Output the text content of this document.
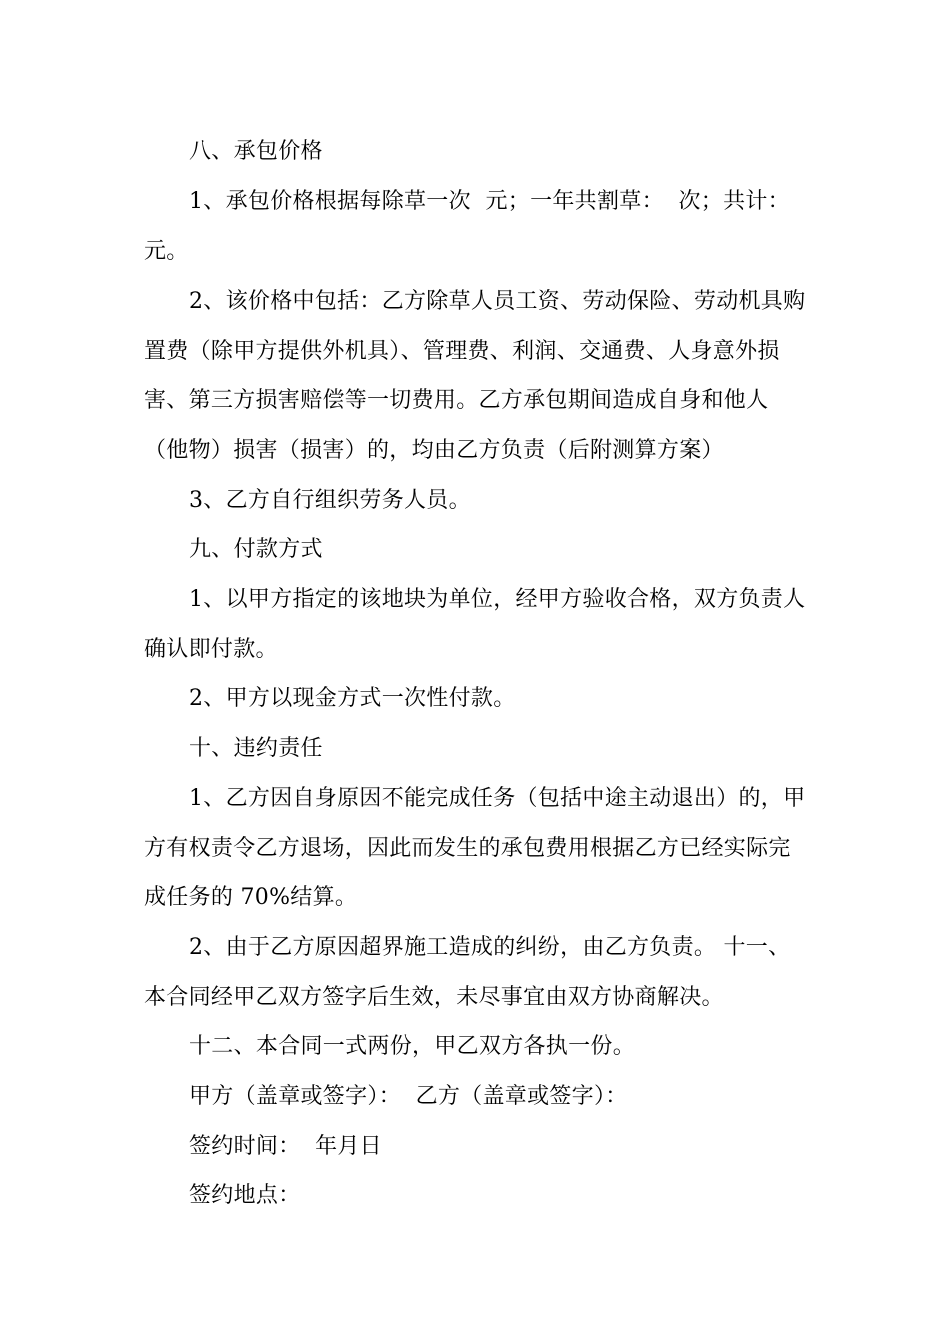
八、承包价格
1、承包价格根据每除草一次  元；一年共割草：  次；共计：
元。
2、该价格中包括：乙方除草人员工资、劳动保险、劳动机具购
置费（除甲方提供外机具）、管理费、利润、交通费、人身意外损
害、第三方损害赔偿等一切费用。乙方承包期间造成自身和他人
（他物）损害（损害）的，均由乙方负责（后附测算方案）
3、乙方自行组织劳务人员。
九、付款方式
1、以甲方指定的该地块为单位，经甲方验收合格，双方负责人
确认即付款。
2、甲方以现金方式一次性付款。
十、违约责任
1、乙方因自身原因不能完成任务（包括中途主动退出）的，甲
方有权责令乙方退场，因此而发生的承包费用根据乙方已经实际完
成任务的 70%结算。
2、由于乙方原因超界施工造成的纠纷，由乙方负责。 十一、
本合同经甲乙双方签字后生效，未尽事宜由双方协商解决。
十二、本合同一式两份，甲乙双方各执一份。
甲方（盖章或签字）：  乙方（盖章或签字）：
签约时间：  年月日
签约地点：
